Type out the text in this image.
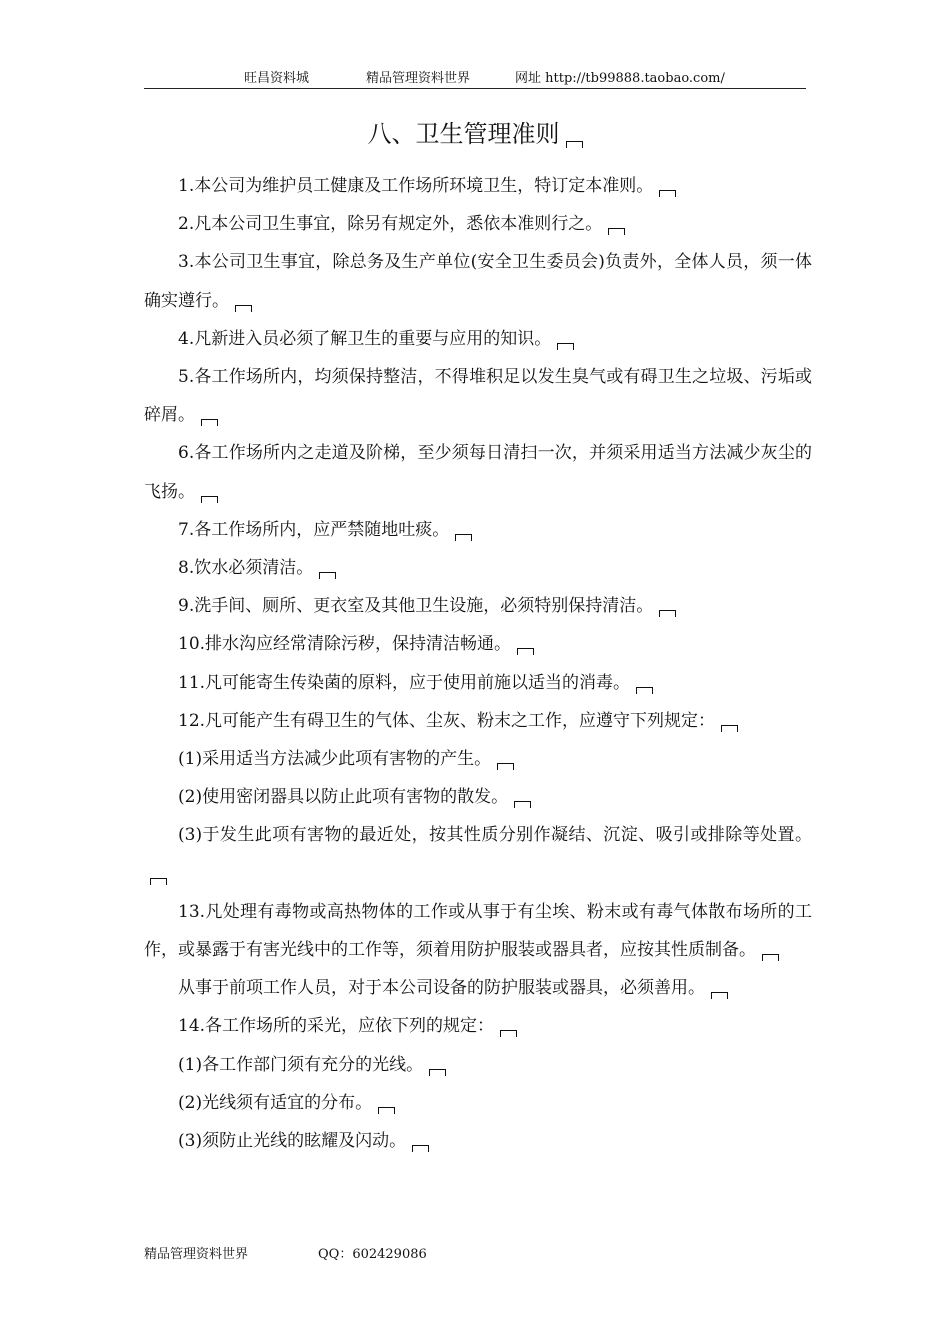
旺昌资料城	精品管理资料世界	网址 http://tb99888.taobao.com/
八、卫生管理准则

1.本公司为维护员工健康及工作场所环境卫生，特订定本准则。

2.凡本公司卫生事宜，除另有规定外，悉依本准则行之。

3.本公司卫生事宜，除总务及生产单位(安全卫生委员会)负责外，全体人员，须一体确实遵行。

4.凡新进入员必须了解卫生的重要与应用的知识。

5.各工作场所内，均须保持整洁，不得堆积足以发生臭气或有碍卫生之垃圾、污垢或碎屑。

6.各工作场所内之走道及阶梯，至少须每日清扫一次，并须采用适当方法减少灰尘的飞扬。

7.各工作场所内，应严禁随地吐痰。

8.饮水必须清洁。

9.洗手间、厕所、更衣室及其他卫生设施，必须特别保持清洁。

10.排水沟应经常清除污秽，保持清洁畅通。

11.凡可能寄生传染菌的原料，应于使用前施以适当的消毒。

12.凡可能产生有碍卫生的气体、尘灰、粉末之工作，应遵守下列规定：

(1)采用适当方法减少此项有害物的产生。

(2)使用密闭器具以防止此项有害物的散发。

(3)于发生此项有害物的最近处，按其性质分别作凝结、沉淀、吸引或排除等处置。

13.凡处理有毒物或高热物体的工作或从事于有尘埃、粉末或有毒气体散布场所的工作，或暴露于有害光线中的工作等，须着用防护服装或器具者，应按其性质制备。

从事于前项工作人员，对于本公司设备的防护服装或器具，必须善用。

14.各工作场所的采光，应依下列的规定：

(1)各工作部门须有充分的光线。

(2)光线须有适宜的分布。

(3)须防止光线的眩耀及闪动。

精品管理资料世界	QQ：602429086
